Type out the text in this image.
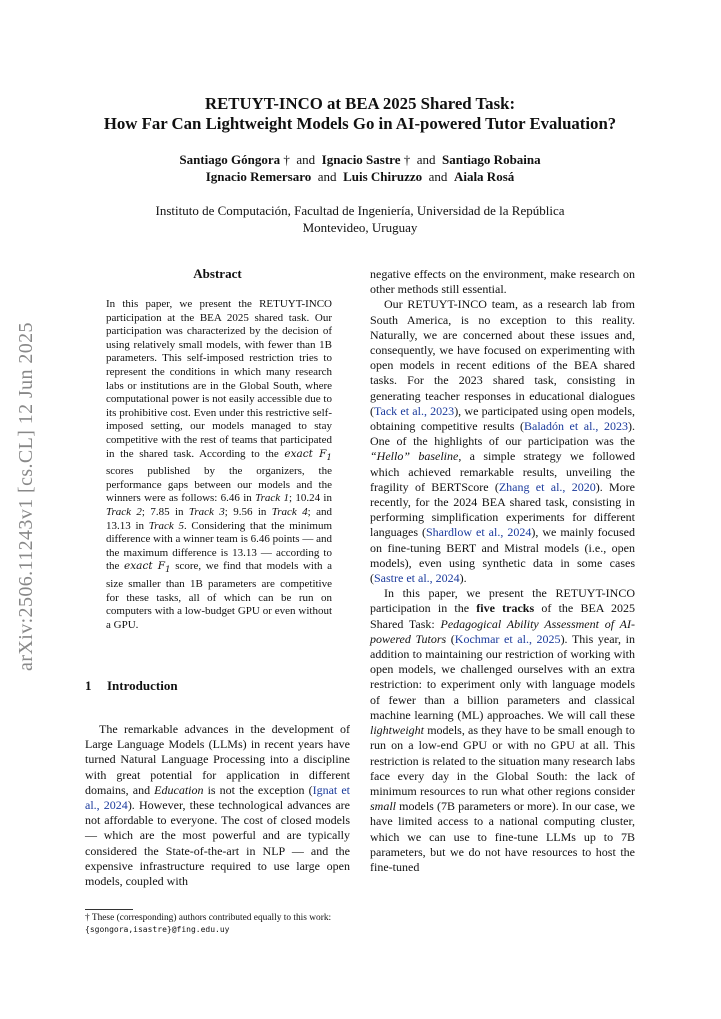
arXiv:2506.11243v1 [cs.CL] 12 Jun 2025
RETUYT-INCO at BEA 2025 Shared Task:
How Far Can Lightweight Models Go in AI-powered Tutor Evaluation?
Santiago Góngora † and Ignacio Sastre † and Santiago Robaina
Ignacio Remersaro and Luis Chiruzzo and Aiala Rosá
Instituto de Computación, Facultad de Ingeniería, Universidad de la República
Montevideo, Uruguay
Abstract
In this paper, we present the RETUYT-INCO participation at the BEA 2025 shared task. Our participation was characterized by the decision of using relatively small models, with fewer than 1B parameters. This self-imposed restriction tries to represent the conditions in which many research labs or institutions are in the Global South, where computational power is not easily accessible due to its prohibitive cost. Even under this restrictive self-imposed setting, our models managed to stay competitive with the rest of teams that participated in the shared task. According to the exact $F_1$ scores published by the organizers, the performance gaps between our models and the winners were as follows: 6.46 in Track 1; 10.24 in Track 2; 7.85 in Track 3; 9.56 in Track 4; and 13.13 in Track 5. Considering that the minimum difference with a winner team is 6.46 points — and the maximum difference is 13.13 — according to the exact $F_1$ score, we find that models with a size smaller than 1B parameters are competitive for these tasks, all of which can be run on computers with a low-budget GPU or even without a GPU.
1 Introduction

The remarkable advances in the development of Large Language Models (LLMs) in recent years have turned Natural Language Processing into a discipline with great potential for application in different domains, and Education is not the exception (Ignat et al., 2024). However, these technological advances are not affordable to everyone. The cost of closed models — which are the most powerful and are typically considered the State-of-the-art in NLP — and the expensive infrastructure required to use large open models, coupled with

† These (corresponding) authors contributed equally to this work: {sgongora,isastre}@fing.edu.uy

negative effects on the environment, make research on other methods still essential.

Our RETUYT-INCO team, as a research lab from South America, is no exception to this reality. Naturally, we are concerned about these issues and, consequently, we have focused on experimenting with open models in recent editions of the BEA shared tasks. For the 2023 shared task, consisting in generating teacher responses in educational dialogues (Tack et al., 2023), we participated using open models, obtaining competitive results (Baladón et al., 2023). One of the highlights of our participation was the “Hello” baseline, a simple strategy we followed which achieved remarkable results, unveiling the fragility of BERTScore (Zhang et al., 2020). More recently, for the 2024 BEA shared task, consisting in performing simplification experiments for different languages (Shardlow et al., 2024), we mainly focused on fine-tuning BERT and Mistral models (i.e., open models), even using synthetic data in some cases (Sastre et al., 2024).

In this paper, we present the RETUYT-INCO participation in the five tracks of the BEA 2025 Shared Task: Pedagogical Ability Assessment of AI-powered Tutors (Kochmar et al., 2025). This year, in addition to maintaining our restriction of working with open models, we challenged ourselves with an extra restriction: to experiment only with language models of fewer than a billion parameters and classical machine learning (ML) approaches. We will call these lightweight models, as they have to be small enough to run on a low-end GPU or with no GPU at all. This restriction is related to the situation many research labs face every day in the Global South: the lack of minimum resources to run what other regions consider small models (7B parameters or more). In our case, we have limited access to a national computing cluster, which we can use to fine-tune LLMs up to 7B parameters, but we do not have resources to host the fine-tuned
